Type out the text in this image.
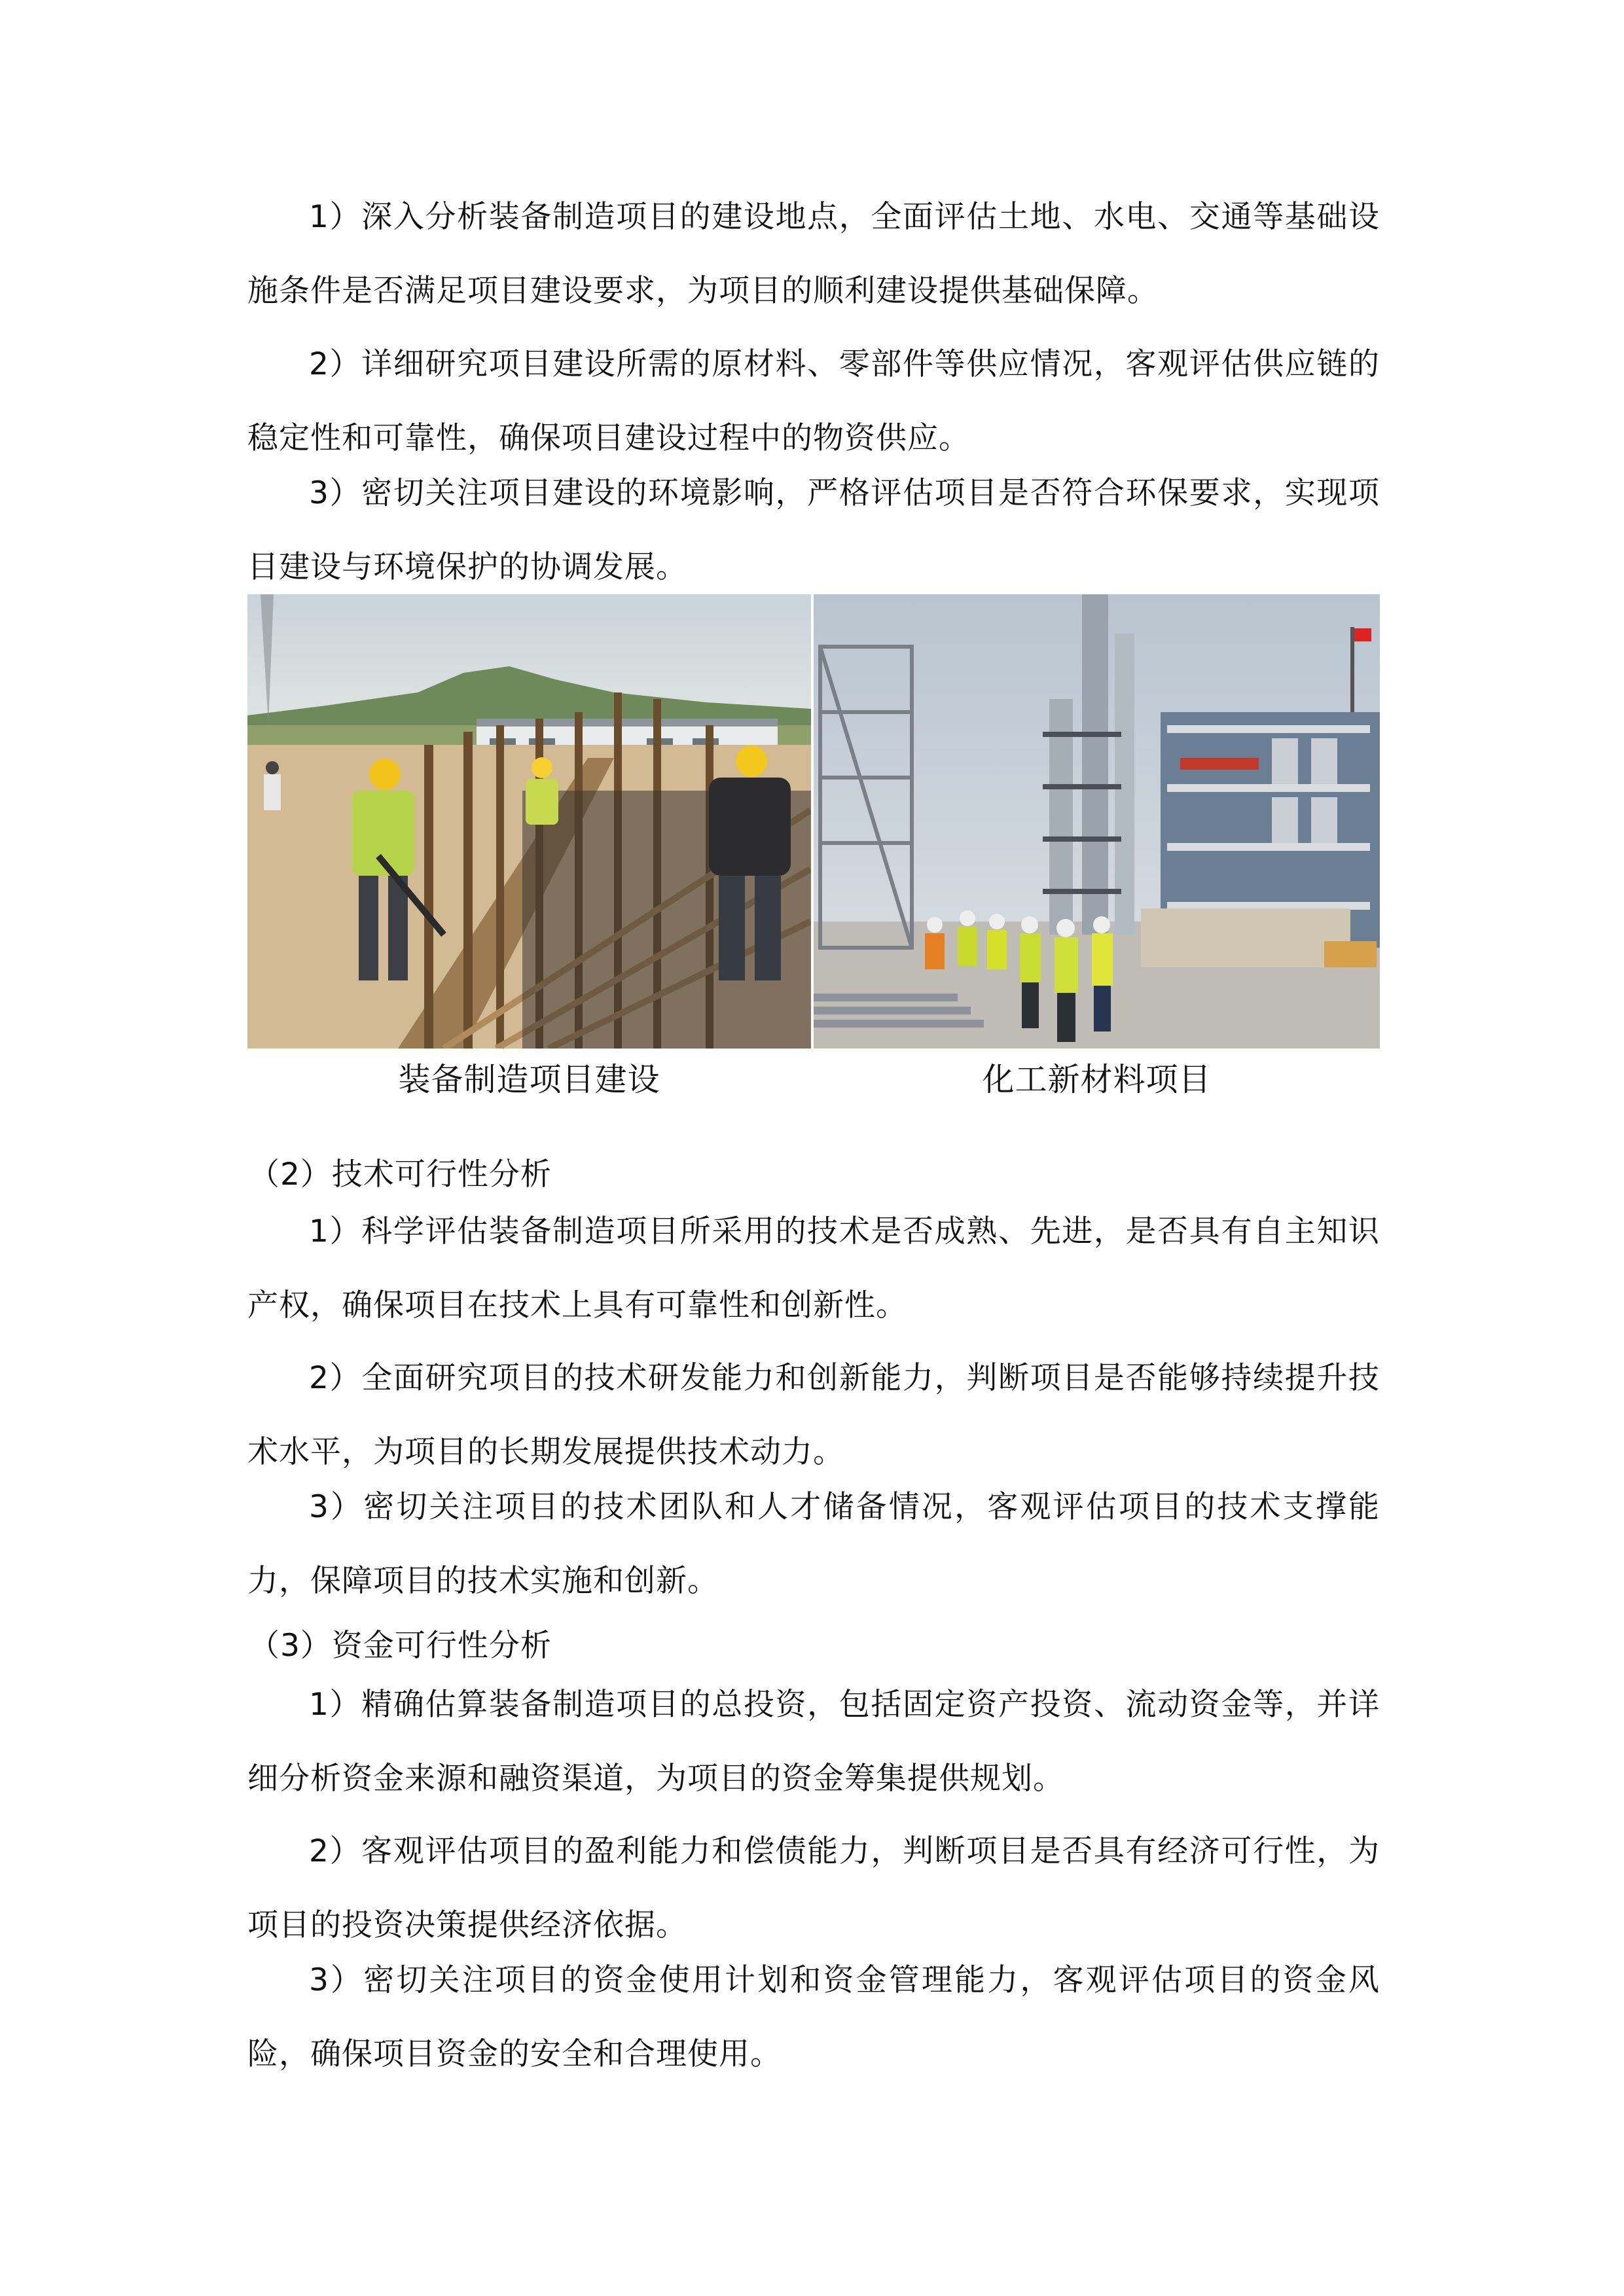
1）深入分析装备制造项目的建设地点，全面评估土地、水电、交通等基础设施条件是否满足项目建设要求，为项目的顺利建设提供基础保障。

2）详细研究项目建设所需的原材料、零部件等供应情况，客观评估供应链的稳定性和可靠性，确保项目建设过程中的物资供应。

3）密切关注项目建设的环境影响，严格评估项目是否符合环保要求，实现项目建设与环境保护的协调发展。

装备制造项目建设	化工新材料项目

（2）技术可行性分析

1）科学评估装备制造项目所采用的技术是否成熟、先进，是否具有自主知识产权，确保项目在技术上具有可靠性和创新性。

2）全面研究项目的技术研发能力和创新能力，判断项目是否能够持续提升技术水平，为项目的长期发展提供技术动力。

3）密切关注项目的技术团队和人才储备情况，客观评估项目的技术支撑能力，保障项目的技术实施和创新。

（3）资金可行性分析

1）精确估算装备制造项目的总投资，包括固定资产投资、流动资金等，并详细分析资金来源和融资渠道，为项目的资金筹集提供规划。

2）客观评估项目的盈利能力和偿债能力，判断项目是否具有经济可行性，为项目的投资决策提供经济依据。

3）密切关注项目的资金使用计划和资金管理能力，客观评估项目的资金风险，确保项目资金的安全和合理使用。
